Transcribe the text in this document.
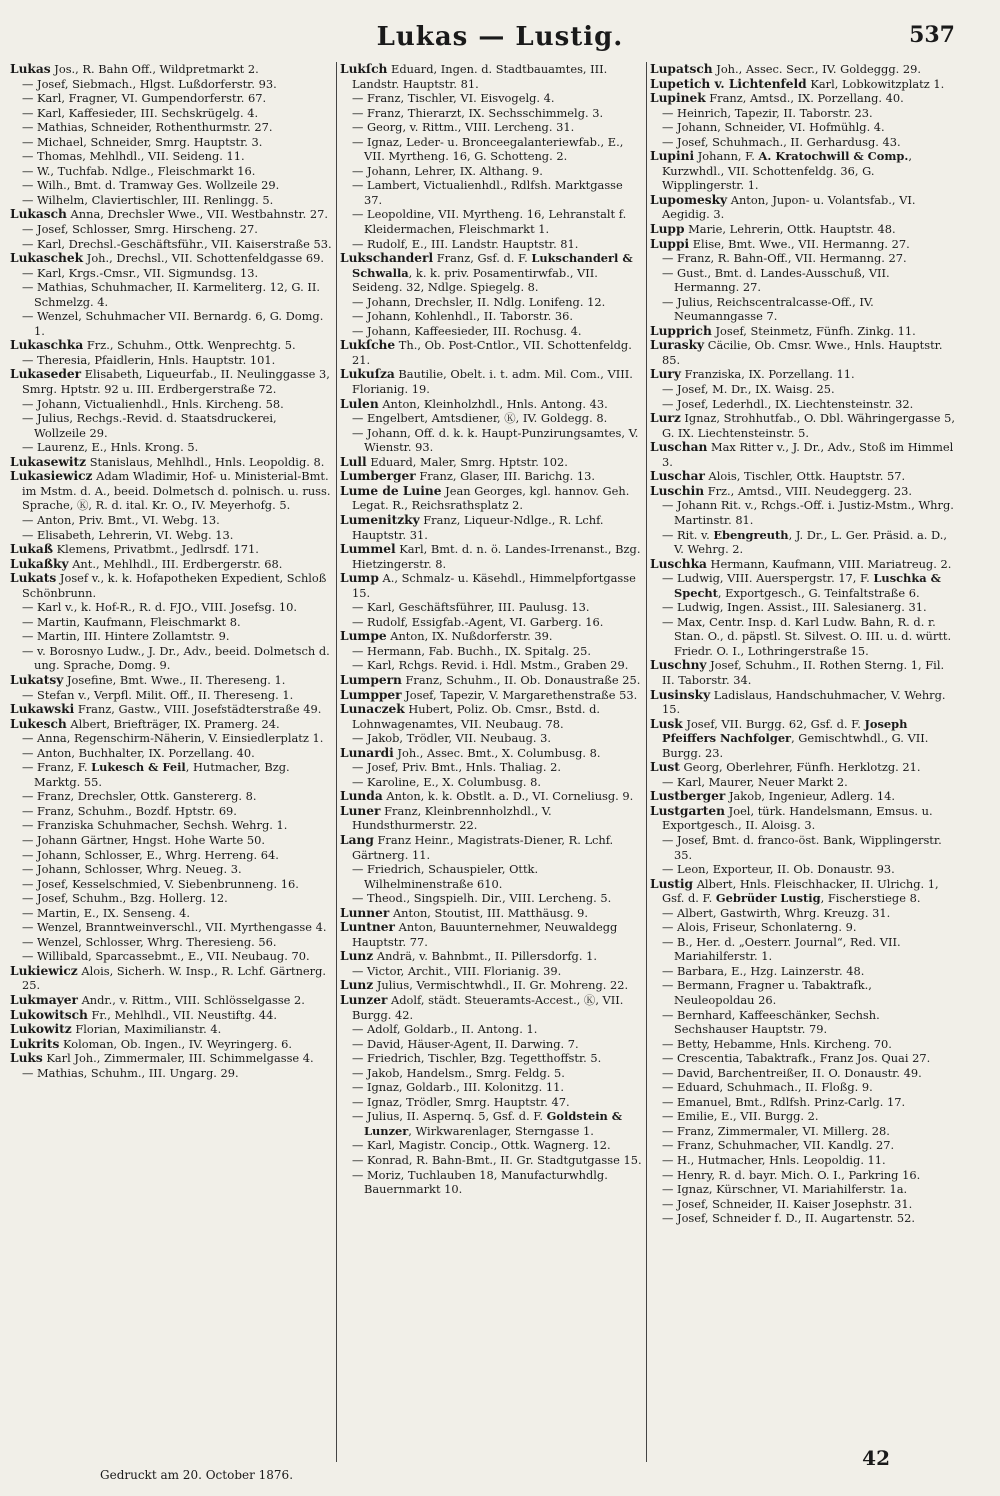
Lukas — Lustig.	537

Lukas Jos., R. Bahn Off., Wildpretmarkt 2.

— Josef, Siebmach., Hlgst. Lußdorferstr. 93.

— Karl, Fragner, VI. Gumpendorferstr. 67.

— Karl, Kaffesieder, III. Sechskrügelg. 4.

— Mathias, Schneider, Rothenthurmstr. 27.

— Michael, Schneider, Smrg. Hauptstr. 3.

— Thomas, Mehlhdl., VII. Seideng. 11.

— W., Tuchfab. Ndlge., Fleischmarkt 16.

— Wilh., Bmt. d. Tramway Ges. Wollzeile 29.

— Wilhelm, Claviertischler, III. Renlingg. 5.

Lukasch Anna, Drechsler Wwe., VII. Westbahnstr. 27.

— Josef, Schlosser, Smrg. Hirscheng. 27.

— Karl, Drechsl.-Geschäftsführ., VII. Kaiserstraße 53.

Lukaschek Joh., Drechsl., VII. Schottenfeldgasse 69.

— Karl, Krgs.-Cmsr., VII. Sigmundsg. 13.

— Mathias, Schuhmacher, II. Karmeliterg. 12, G. II. Schmelzg. 4.

— Wenzel, Schuhmacher VII. Bernardg. 6, G. Domg. 1.

Lukaschka Frz., Schuhm., Ottk. Wenprechtg. 5.

— Theresia, Pfaidlerin, Hnls. Hauptstr. 101.

Lukaseder Elisabeth, Liqueurfab., II. Neulinggasse 3, Smrg. Hptstr. 92 u. III. Erdbergerstraße 72.

— Johann, Victualienhdl., Hnls. Kircheng. 58.

— Julius, Rechgs.-Revid. d. Staatsdruckerei, Wollzeile 29.

— Laurenz, E., Hnls. Krong. 5.

Lukasewitz Stanislaus, Mehlhdl., Hnls. Leopoldig. 8.

Lukasiewicz Adam Wladimir, Hof- u. Ministerial-Bmt. im Mstm. d. A., beeid. Dolmetsch d. polnisch. u. russ. Sprache, Ⓚ, R. d. ital. Kr. O., IV. Meyerhofg. 5.

— Anton, Priv. Bmt., VI. Webg. 13.

— Elisabeth, Lehrerin, VI. Webg. 13.

Lukaß Klemens, Privatbmt., Jedlrsdf. 171.

Lukaßky Ant., Mehlhdl., III. Erdbergerstr. 68.

Lukats Josef v., k. k. Hofapotheken Expedient, Schloß Schönbrunn.

— Karl v., k. Hof-R., R. d. FJO., VIII. Josefsg. 10.

— Martin, Kaufmann, Fleischmarkt 8.

— Martin, III. Hintere Zollamtstr. 9.

— v. Borosnyo Ludw., J. Dr., Adv., beeid. Dolmetsch d. ung. Sprache, Domg. 9.

Lukatsy Josefine, Bmt. Wwe., II. Thereseng. 1.

— Stefan v., Verpfl. Milit. Off., II. Thereseng. 1.

Lukawski Franz, Gastw., VIII. Josefstädterstraße 49.

Lukesch Albert, Briefträger, IX. Pramerg. 24.

— Anna, Regenschirm-Näherin, V. Einsiedlerplatz 1.

— Anton, Buchhalter, IX. Porzellang. 40.

— Franz, F. Lukesch & Feil, Hutmacher, Bzg. Marktg. 55.

— Franz, Drechsler, Ottk. Ganstererg. 8.

— Franz, Schuhm., Bozdf. Hptstr. 69.

— Franziska Schuhmacher, Sechsh. Wehrg. 1.

— Johann Gärtner, Hngst. Hohe Warte 50.

— Johann, Schlosser, E., Whrg. Herreng. 64.

— Johann, Schlosser, Whrg. Neueg. 3.

— Josef, Kesselschmied, V. Siebenbrunneng. 16.

— Josef, Schuhm., Bzg. Hollerg. 12.

— Martin, E., IX. Senseng. 4.

— Wenzel, Branntweinverschl., VII. Myrthengasse 4.

— Wenzel, Schlosser, Whrg. Theresieng. 56.

— Willibald, Sparcassebmt., E., VII. Neubaug. 70.

Lukiewicz Alois, Sicherh. W. Insp., R. Lchf. Gärtnerg. 25.

Lukmayer Andr., v. Rittm., VIII. Schlösselgasse 2.

Lukowitsch Fr., Mehlhdl., VII. Neustiftg. 44.

Lukowitz Florian, Maximilianstr. 4.

Lukrits Koloman, Ob. Ingen., IV. Weyringerg. 6.

Luks Karl Joh., Zimmermaler, III. Schimmelgasse 4.

— Mathias, Schuhm., III. Ungarg. 29.

Lukſch Eduard, Ingen. d. Stadtbauamtes, III. Landstr. Hauptstr. 81.

— Franz, Tischler, VI. Eisvogelg. 4.

— Franz, Thierarzt, IX. Sechsschimmelg. 3.

— Georg, v. Rittm., VIII. Lercheng. 31.

— Ignaz, Leder- u. Bronceegalanteriewfab., E., VII. Myrtheng. 16, G. Schotteng. 2.

— Johann, Lehrer, IX. Althang. 9.

— Lambert, Victualienhdl., Rdlfsh. Marktgasse 37.

— Leopoldine, VII. Myrtheng. 16, Lehranstalt f. Kleidermachen, Fleischmarkt 1.

— Rudolf, E., III. Landstr. Hauptstr. 81.

Lukschanderl Franz, Gsf. d. F. Lukschanderl & Schwalla, k. k. priv. Posamentirwfab., VII. Seideng. 32, Ndlge. Spiegelg. 8.

— Johann, Drechsler, II. Ndlg. Lonifeng. 12.

— Johann, Kohlenhdl., II. Taborstr. 36.

— Johann, Kaffeesieder, III. Rochusg. 4.

Lukſche Th., Ob. Post-Cntlor., VII. Schottenfeldg. 21.

Lukuſza Bautilie, Obelt. i. t. adm. Mil. Com., VIII. Florianig. 19.

Lulen Anton, Kleinholzhdl., Hnls. Antong. 43.

— Engelbert, Amtsdiener, Ⓚ, IV. Goldegg. 8.

— Johann, Off. d. k. k. Haupt-Punzirungsamtes, V. Wienstr. 93.

Lull Eduard, Maler, Smrg. Hptstr. 102.

Lumberger Franz, Glaser, III. Barichg. 13.

Lume de Luine Jean Georges, kgl. hannov. Geh. Legat. R., Reichsrathsplatz 2.

Lumenitzky Franz, Liqueur-Ndlge., R. Lchf. Hauptstr. 31.

Lummel Karl, Bmt. d. n. ö. Landes-Irrenanst., Bzg. Hietzingerstr. 8.

Lump A., Schmalz- u. Käsehdl., Himmelpfortgasse 15.

— Karl, Geschäftsführer, III. Paulusg. 13.

— Rudolf, Essigfab.-Agent, VI. Garberg. 16.

Lumpe Anton, IX. Nußdorferstr. 39.

— Hermann, Fab. Buchh., IX. Spitalg. 25.

— Karl, Rchgs. Revid. i. Hdl. Mstm., Graben 29.

Lumpern Franz, Schuhm., II. Ob. Donaustraße 25.

Lumpper Josef, Tapezir, V. Margarethenstraße 53.

Lunaczek Hubert, Poliz. Ob. Cmsr., Bstd. d. Lohnwagenamtes, VII. Neubaug. 78.

— Jakob, Trödler, VII. Neubaug. 3.

Lunardi Joh., Assec. Bmt., X. Columbusg. 8.

— Josef, Priv. Bmt., Hnls. Thaliag. 2.

— Karoline, E., X. Columbusg. 8.

Lunda Anton, k. k. Obstlt. a. D., VI. Corneliusg. 9.

Luner Franz, Kleinbrennholzhdl., V. Hundsthurmerstr. 22.

Lang Franz Heinr., Magistrats-Diener, R. Lchf. Gärtnerg. 11.

— Friedrich, Schauspieler, Ottk. Wilhelminenstraße 610.

— Theod., Singspielh. Dir., VIII. Lercheng. 5.

Lunner Anton, Stoutist, III. Matthäusg. 9.

Luntner Anton, Bauunternehmer, Neuwaldegg Hauptstr. 77.

Lunz Andrä, v. Bahnbmt., II. Pillersdorfg. 1.

— Victor, Archit., VIII. Florianig. 39.

Lunz Julius, Vermischtwhdl., II. Gr. Mohreng. 22.

Lunzer Adolf, städt. Steueramts-Accest., Ⓚ, VII. Burgg. 42.

— Adolf, Goldarb., II. Antong. 1.

— David, Häuser-Agent, II. Darwing. 7.

— Friedrich, Tischler, Bzg. Tegetthoffstr. 5.

— Jakob, Handelsm., Smrg. Feldg. 5.

— Ignaz, Goldarb., III. Kolonitzg. 11.

— Ignaz, Trödler, Smrg. Hauptstr. 47.

— Julius, II. Aspernq. 5, Gsf. d. F. Goldstein & Lunzer, Wirkwarenlager, Sterngasse 1.

— Karl, Magistr. Concip., Ottk. Wagnerg. 12.

— Konrad, R. Bahn-Bmt., II. Gr. Stadtgutgasse 15.

— Moriz, Tuchlauben 18, Manufacturwhdlg. Bauernmarkt 10.

Lupatsch Joh., Assec. Secr., IV. Goldeggg. 29.

Lupetich v. Lichtenfeld Karl, Lobkowitzplatz 1.

Lupinek Franz, Amtsd., IX. Porzellang. 40.

— Heinrich, Tapezir, II. Taborstr. 23.

— Johann, Schneider, VI. Hofmühlg. 4.

— Josef, Schuhmach., II. Gerhardusg. 43.

Lupini Johann, F. A. Kratochwill & Comp., Kurzwhdl., VII. Schottenfeldg. 36, G. Wipplingerstr. 1.

Lupomesky Anton, Jupon- u. Volantsfab., VI. Aegidig. 3.

Lupp Marie, Lehrerin, Ottk. Hauptstr. 48.

Luppi Elise, Bmt. Wwe., VII. Hermanng. 27.

— Franz, R. Bahn-Off., VII. Hermanng. 27.

— Gust., Bmt. d. Landes-Ausschuß, VII. Hermanng. 27.

— Julius, Reichscentralcasse-Off., IV. Neumanngasse 7.

Lupprich Josef, Steinmetz, Fünfh. Zinkg. 11.

Lurasky Cäcilie, Ob. Cmsr. Wwe., Hnls. Hauptstr. 85.

Lury Franziska, IX. Porzellang. 11.

— Josef, M. Dr., IX. Waisg. 25.

— Josef, Lederhdl., IX. Liechtensteinstr. 32.

Lurz Ignaz, Strohhutfab., O. Dbl. Währingergasse 5, G. IX. Liechtensteinstr. 5.

Luschan Max Ritter v., J. Dr., Adv., Stoß im Himmel 3.

Luschar Alois, Tischler, Ottk. Hauptstr. 57.

Luschin Frz., Amtsd., VIII. Neudeggerg. 23.

— Johann Rit. v., Rchgs.-Off. i. Justiz-Mstm., Whrg. Martinstr. 81.

— Rit. v. Ebengreuth, J. Dr., L. Ger. Präsid. a. D., V. Wehrg. 2.

Luschka Hermann, Kaufmann, VIII. Mariatreug. 2.

— Ludwig, VIII. Auerspergstr. 17, F. Luschka & Specht, Exportgesch., G. Teinfaltstraße 6.

— Ludwig, Ingen. Assist., III. Salesianerg. 31.

— Max, Centr. Insp. d. Karl Ludw. Bahn, R. d. r. Stan. O., d. päpstl. St. Silvest. O. III. u. d. württ. Friedr. O. I., Lothringerstraße 15.

Luschny Josef, Schuhm., II. Rothen Sterng. 1, Fil. II. Taborstr. 34.

Lusinsky Ladislaus, Handschuhmacher, V. Wehrg. 15.

Lusk Josef, VII. Burgg. 62, Gsf. d. F. Joseph Pfeiffers Nachfolger, Gemischtwhdl., G. VII. Burgg. 23.

Lust Georg, Oberlehrer, Fünfh. Herklotzg. 21.

— Karl, Maurer, Neuer Markt 2.

Lustberger Jakob, Ingenieur, Adlerg. 14.

Lustgarten Joel, türk. Handelsmann, Emsus. u. Exportgesch., II. Aloisg. 3.

— Josef, Bmt. d. franco-öst. Bank, Wipplingerstr. 35.

— Leon, Exporteur, II. Ob. Donaustr. 93.

Lustig Albert, Hnls. Fleischhacker, II. Ulrichg. 1, Gsf. d. F. Gebrüder Lustig, Fischerstiege 8.

— Albert, Gastwirth, Whrg. Kreuzg. 31.

— Alois, Friseur, Schonlaterng. 9.

— B., Her. d. „Oesterr. Journal“, Red. VII. Mariahilferstr. 1.

— Barbara, E., Hzg. Lainzerstr. 48.

— Bermann, Fragner u. Tabaktrafk., Neuleopoldau 26.

— Bernhard, Kaffeeschänker, Sechsh. Sechshauser Hauptstr. 79.

— Betty, Hebamme, Hnls. Kircheng. 70.

— Crescentia, Tabaktrafk., Franz Jos. Quai 27.

— David, Barchentreißer, II. O. Donaustr. 49.

— Eduard, Schuhmach., II. Floßg. 9.

— Emanuel, Bmt., Rdlfsh. Prinz-Carlg. 17.

— Emilie, E., VII. Burgg. 2.

— Franz, Zimmermaler, VI. Millerg. 28.

— Franz, Schuhmacher, VII. Kandlg. 27.

— H., Hutmacher, Hnls. Leopoldig. 11.

— Henry, R. d. bayr. Mich. O. I., Parkring 16.

— Ignaz, Kürschner, VI. Mariahilferstr. 1a.

— Josef, Schneider, II. Kaiser Josephstr. 31.

— Josef, Schneider f. D., II. Augartenstr. 52.

Gedruckt am 20. October 1876.
42
